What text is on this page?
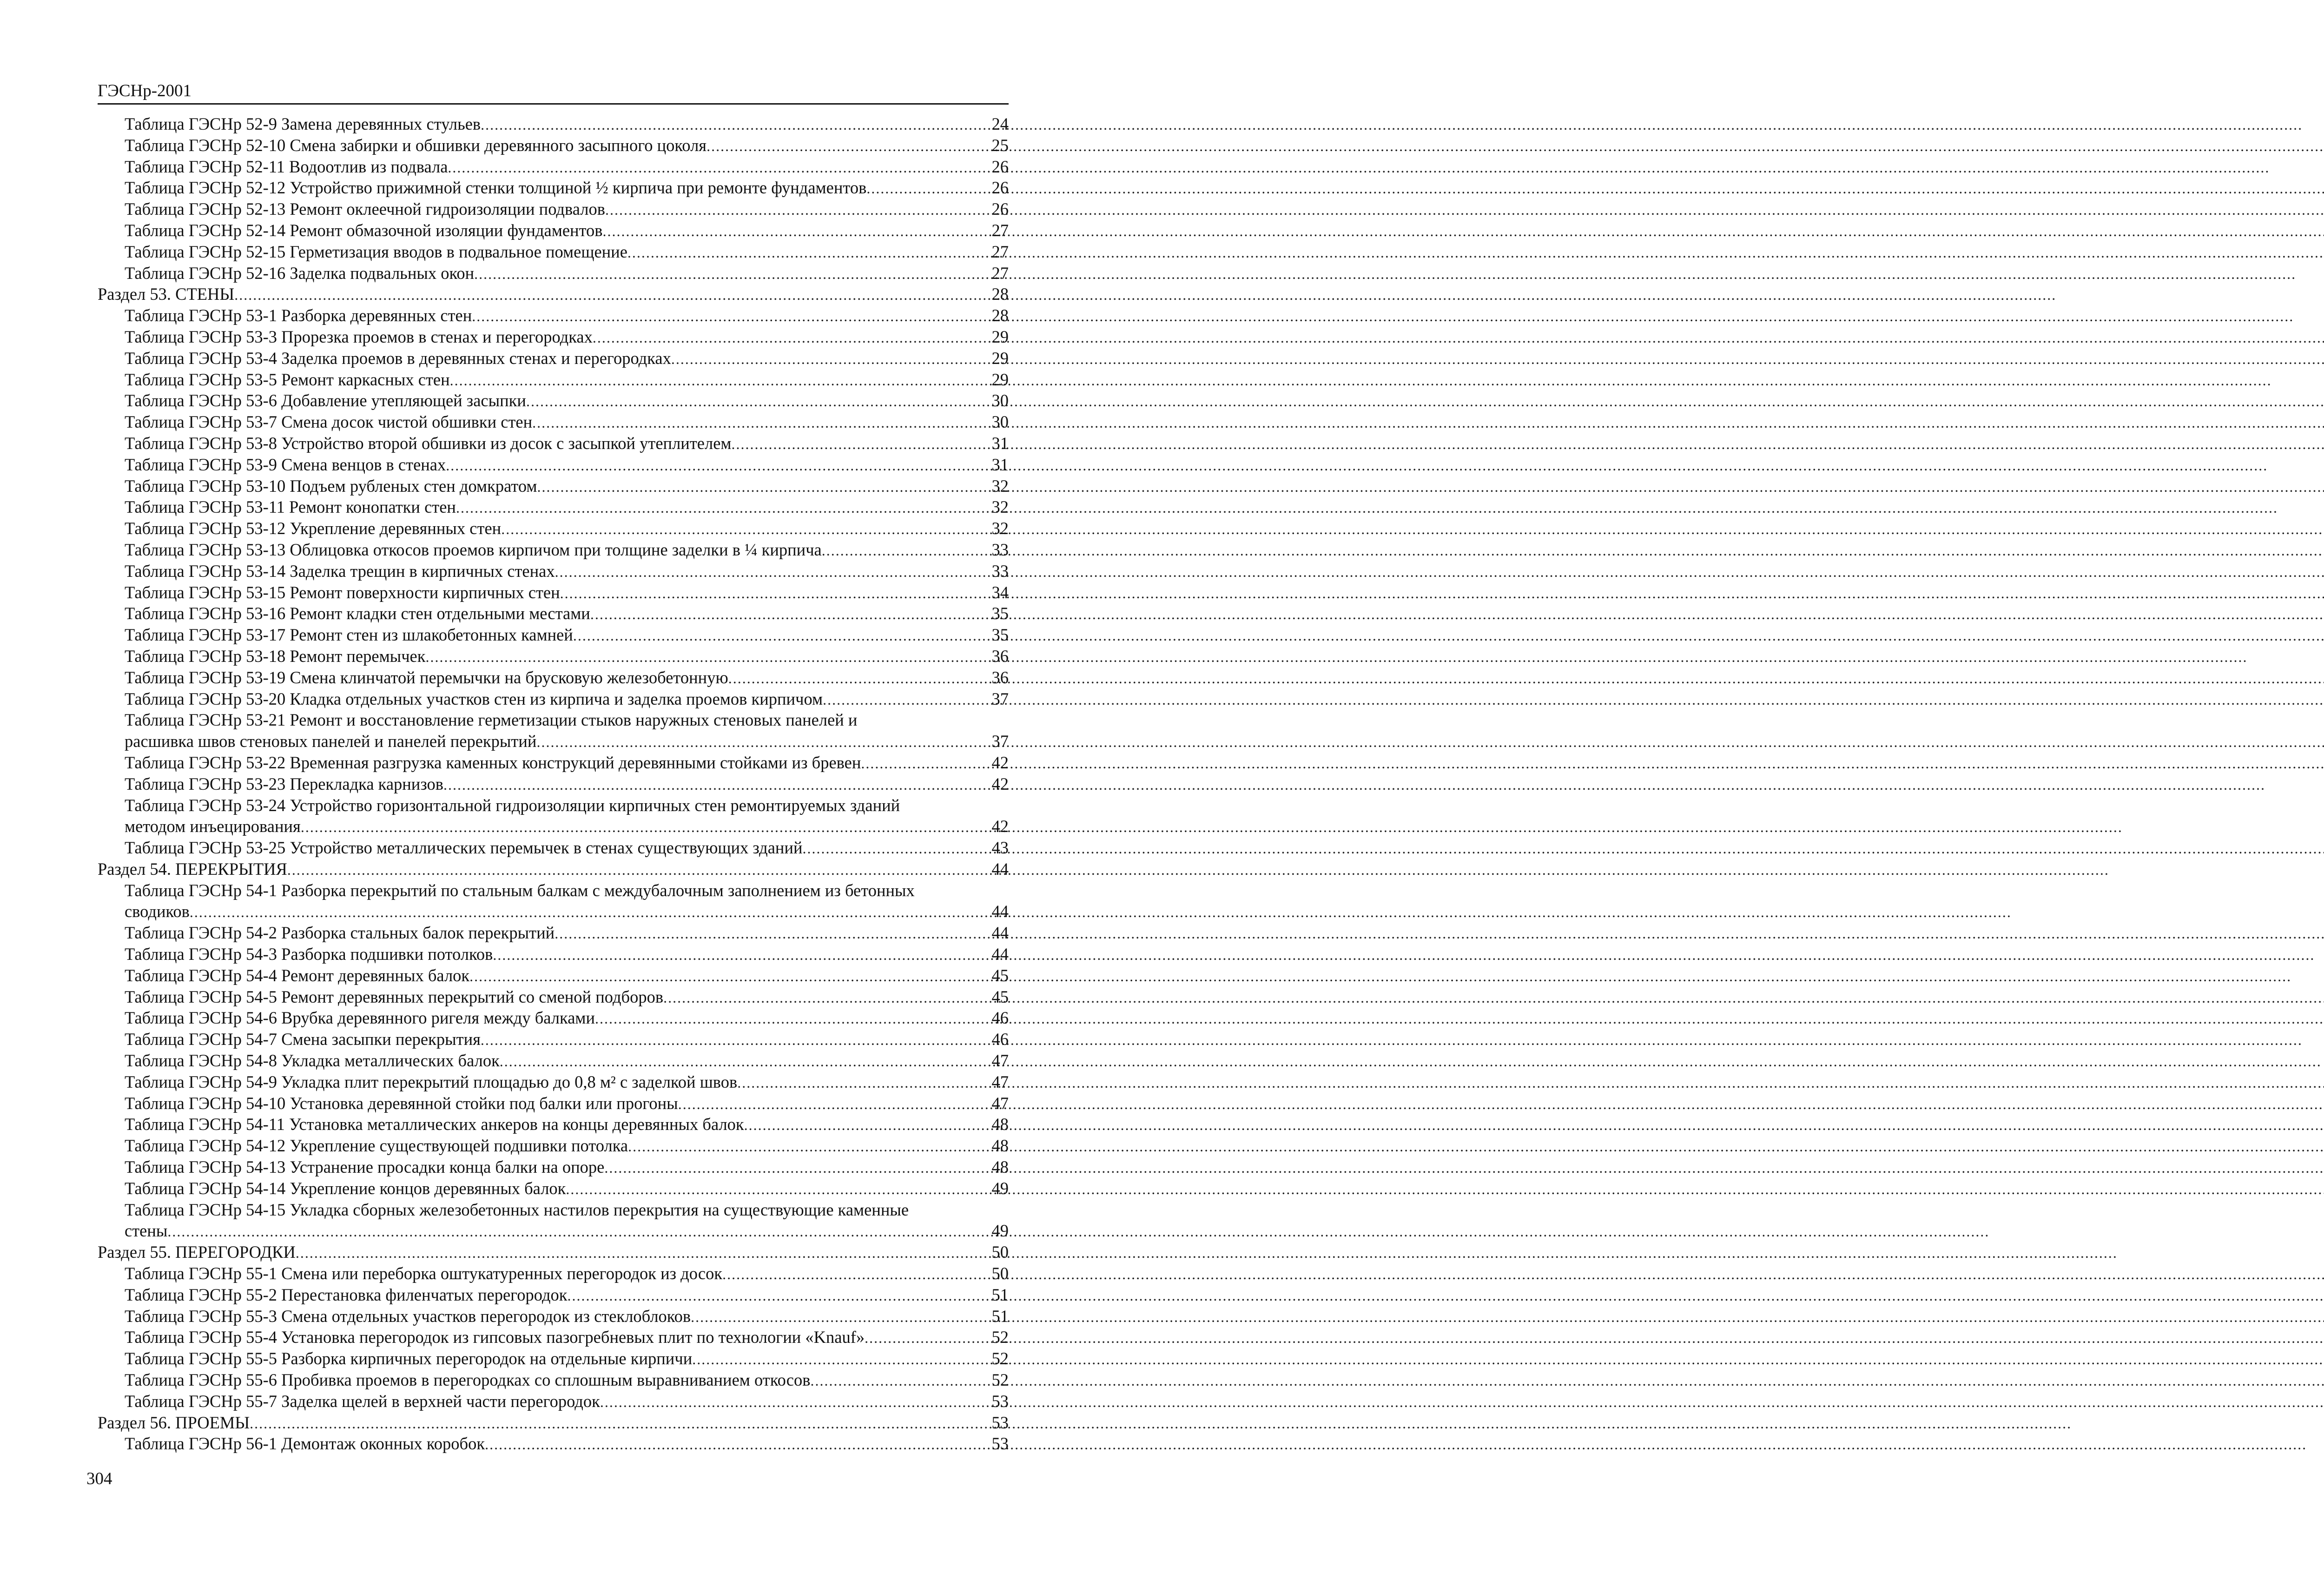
ГЭСНр-2001
Таблица ГЭСНр 52-9 Замена деревянных стульев .....	24
Таблица ГЭСНр 52-10 Смена забирки и обшивки деревянного засыпного цоколя .....	25
Таблица ГЭСНр 52-11 Водоотлив из подвала .....	26
Таблица ГЭСНр 52-12 Устройство прижимной стенки толщиной ½ кирпича при ремонте фундаментов .....	26
Таблица ГЭСНр 52-13 Ремонт оклеечной гидроизоляции подвалов .....	26
Таблица ГЭСНр 52-14 Ремонт обмазочной изоляции фундаментов .....	27
Таблица ГЭСНр 52-15 Герметизация вводов в подвальное помещение .....	27
Таблица ГЭСНр 52-16 Заделка подвальных окон .....	27
Раздел 53. СТЕНЫ .....	28
Таблица ГЭСНр 53-1 Разборка деревянных стен .....	28
Таблица ГЭСНр 53-3 Прорезка проемов в стенах и перегородках .....	29
Таблица ГЭСНр 53-4 Заделка проемов в деревянных стенах и перегородках .....	29
Таблица ГЭСНр 53-5 Ремонт каркасных стен .....	29
Таблица ГЭСНр 53-6 Добавление утепляющей засыпки .....	30
Таблица ГЭСНр 53-7 Смена досок чистой обшивки стен .....	30
Таблица ГЭСНр 53-8 Устройство второй обшивки из досок с засыпкой утеплителем .....	31
Таблица ГЭСНр 53-9 Смена венцов в стенах .....	31
Таблица ГЭСНр 53-10 Подъем рубленых стен домкратом .....	32
Таблица ГЭСНр 53-11 Ремонт конопатки стен .....	32
Таблица ГЭСНр 53-12 Укрепление деревянных стен .....	32
Таблица ГЭСНр 53-13 Облицовка откосов проемов кирпичом при толщине заделки в ¼ кирпича .....	33
Таблица ГЭСНр 53-14 Заделка трещин в кирпичных стенах .....	33
Таблица ГЭСНр 53-15 Ремонт поверхности кирпичных стен .....	34
Таблица ГЭСНр 53-16 Ремонт кладки стен отдельными местами .....	35
Таблица ГЭСНр 53-17 Ремонт стен из шлакобетонных камней .....	35
Таблица ГЭСНр 53-18 Ремонт перемычек .....	36
Таблица ГЭСНр 53-19 Смена клинчатой перемычки на брусковую железобетонную .....	36
Таблица ГЭСНр 53-20 Кладка отдельных участков стен из кирпича и заделка проемов кирпичом .....	37
Таблица ГЭСНр 53-21 Ремонт и восстановление герметизации стыков наружных стеновых панелей и
расшивка швов стеновых панелей и панелей перекрытий .....	37
Таблица ГЭСНр 53-22 Временная разгрузка каменных конструкций деревянными стойками из бревен .....	42
Таблица ГЭСНр 53-23 Перекладка карнизов .....	42
Таблица ГЭСНр 53-24 Устройство горизонтальной гидроизоляции кирпичных стен ремонтируемых зданий
методом инъецирования .....	42
Таблица ГЭСНр 53-25 Устройство металлических перемычек в стенах существующих зданий .....	43
Раздел 54. ПЕРЕКРЫТИЯ .....	44
Таблица ГЭСНр 54-1 Разборка перекрытий по стальным балкам с междубалочным заполнением из бетонных
сводиков .....	44
Таблица ГЭСНр 54-2 Разборка стальных балок перекрытий .....	44
Таблица ГЭСНр 54-3 Разборка подшивки потолков .....	44
Таблица ГЭСНр 54-4 Ремонт деревянных балок .....	45
Таблица ГЭСНр 54-5 Ремонт деревянных перекрытий со сменой подборов .....	45
Таблица ГЭСНр 54-6 Врубка деревянного ригеля между балками .....	46
Таблица ГЭСНр 54-7 Смена засыпки перекрытия .....	46
Таблица ГЭСНр 54-8 Укладка металлических балок .....	47
Таблица ГЭСНр 54-9 Укладка плит перекрытий площадью до 0,8 м² с заделкой швов .....	47
Таблица ГЭСНр 54-10 Установка деревянной стойки под балки или прогоны .....	47
Таблица ГЭСНр 54-11 Установка металлических анкеров на концы деревянных балок .....	48
Таблица ГЭСНр 54-12 Укрепление существующей подшивки потолка .....	48
Таблица ГЭСНр 54-13 Устранение просадки конца балки на опоре .....	48
Таблица ГЭСНр 54-14 Укрепление концов деревянных балок .....	49
Таблица ГЭСНр 54-15 Укладка сборных железобетонных настилов перекрытия на существующие каменные
стены .....	49
Раздел 55. ПЕРЕГОРОДКИ .....	50
Таблица ГЭСНр 55-1 Смена или переборка оштукатуренных перегородок из досок .....	50
Таблица ГЭСНр 55-2 Перестановка филенчатых перегородок .....	51
Таблица ГЭСНр 55-3 Смена отдельных участков перегородок из стеклоблоков .....	51
Таблица ГЭСНр 55-4 Установка перегородок из гипсовых пазогребневых плит по технологии «Knauf» .....	52
Таблица ГЭСНр 55-5 Разборка кирпичных перегородок на отдельные кирпичи .....	52
Таблица ГЭСНр 55-6 Пробивка проемов в перегородках со сплошным выравниванием откосов .....	52
Таблица ГЭСНр 55-7 Заделка щелей в верхней части перегородок .....	53
Раздел 56. ПРОЕМЫ .....	53
Таблица ГЭСНр 56-1 Демонтаж оконных коробок .....	53
304
